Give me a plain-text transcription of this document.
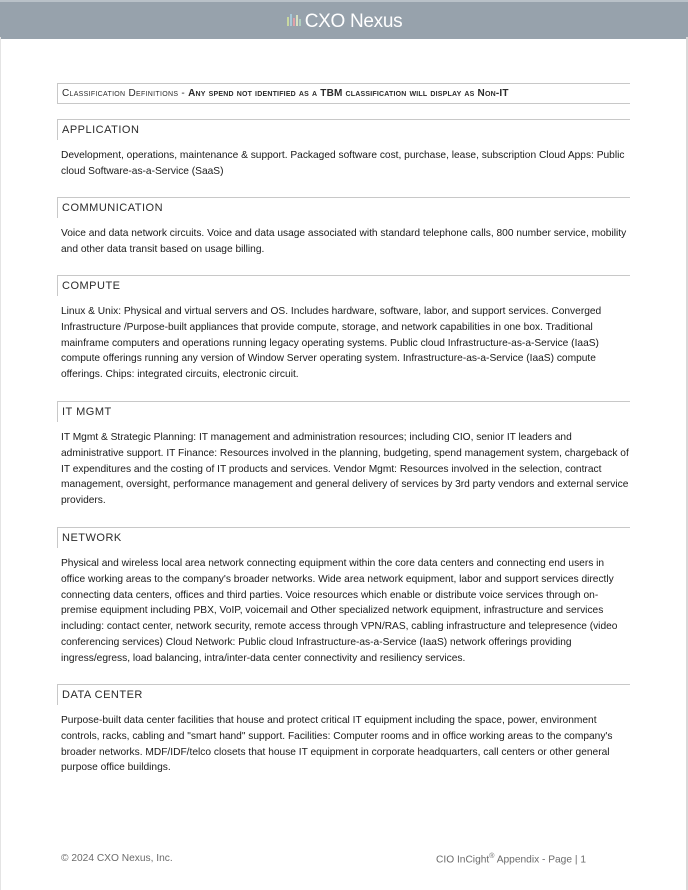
CXO Nexus
Classification Definitions - Any spend not identified as a TBM classification will display as Non-IT
APPLICATION
Development, operations, maintenance & support. Packaged software cost, purchase, lease, subscription Cloud Apps: Public cloud Software-as-a-Service (SaaS)
COMMUNICATION
Voice and data network circuits. Voice and data usage associated with standard telephone calls, 800 number service, mobility and other data transit based on usage billing.
COMPUTE
Linux & Unix: Physical and virtual servers and OS. Includes hardware, software, labor, and support services. Converged Infrastructure /Purpose-built appliances that provide compute, storage, and network capabilities in one box. Traditional mainframe computers and operations running legacy operating systems. Public cloud Infrastructure-as-a-Service (IaaS) compute offerings running any version of Window Server operating system. Infrastructure-as-a-Service (IaaS) compute offerings. Chips: integrated circuits, electronic circuit.
IT MGMT
IT Mgmt & Strategic Planning: IT management and administration resources; including CIO, senior IT leaders and administrative support. IT Finance: Resources involved in the planning, budgeting, spend management system, chargeback of IT expenditures and the costing of IT products and services. Vendor Mgmt: Resources involved in the selection, contract management, oversight, performance management and general delivery of services by 3rd party vendors and external service providers.
NETWORK
Physical and wireless local area network connecting equipment within the core data centers and connecting end users in office working areas to the company's broader networks. Wide area network equipment, labor and support services directly connecting data centers, offices and third parties. Voice resources which enable or distribute voice services through on-premise equipment including PBX, VoIP, voicemail and Other specialized network equipment, infrastructure and services including: contact center, network security, remote access through VPN/RAS, cabling infrastructure and telepresence (video conferencing services) Cloud Network: Public cloud Infrastructure-as-a-Service (IaaS) network offerings providing ingress/egress, load balancing, intra/inter-data center connectivity and resiliency services.
DATA CENTER
Purpose-built data center facilities that house and protect critical IT equipment including the space, power, environment controls, racks, cabling and "smart hand" support. Facilities: Computer rooms and in office working areas to the company's broader networks. MDF/IDF/telco closets that house IT equipment in corporate headquarters, call centers or other general purpose office buildings.
© 2024 CXO Nexus, Inc.	CIO InCight® Appendix - Page | 1
